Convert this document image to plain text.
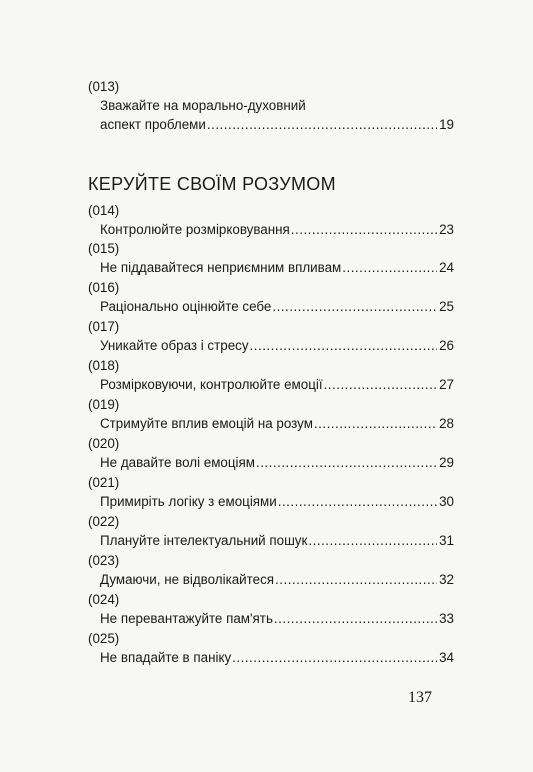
(013)
Зважайте на морально-духовний
аспект проблеми .....	19
(014)
Контролюйте розмірковування .....	23
(015)
Не піддавайтеся неприємним впливам .....	24
(016)
Раціонально оцінюйте себе .....	25
(017)
Уникайте образ і стресу .....	26
(018)
Розмірковуючи, контролюйте емоції .....	27
(019)
Стримуйте вплив емоцій на розум .....	28
(020)
Не давайте волі емоціям .....	29
(021)
Примиріть логіку з емоціями .....	30
(022)
Плануйте інтелектуальний пошук .....	31
(023)
Думаючи, не відволікайтеся .....	32
(024)
Не перевантажуйте пам'ять .....	33
(025)
Не впадайте в паніку .....	34
КЕРУЙТЕ СВОЇМ РОЗУМОМ
137
